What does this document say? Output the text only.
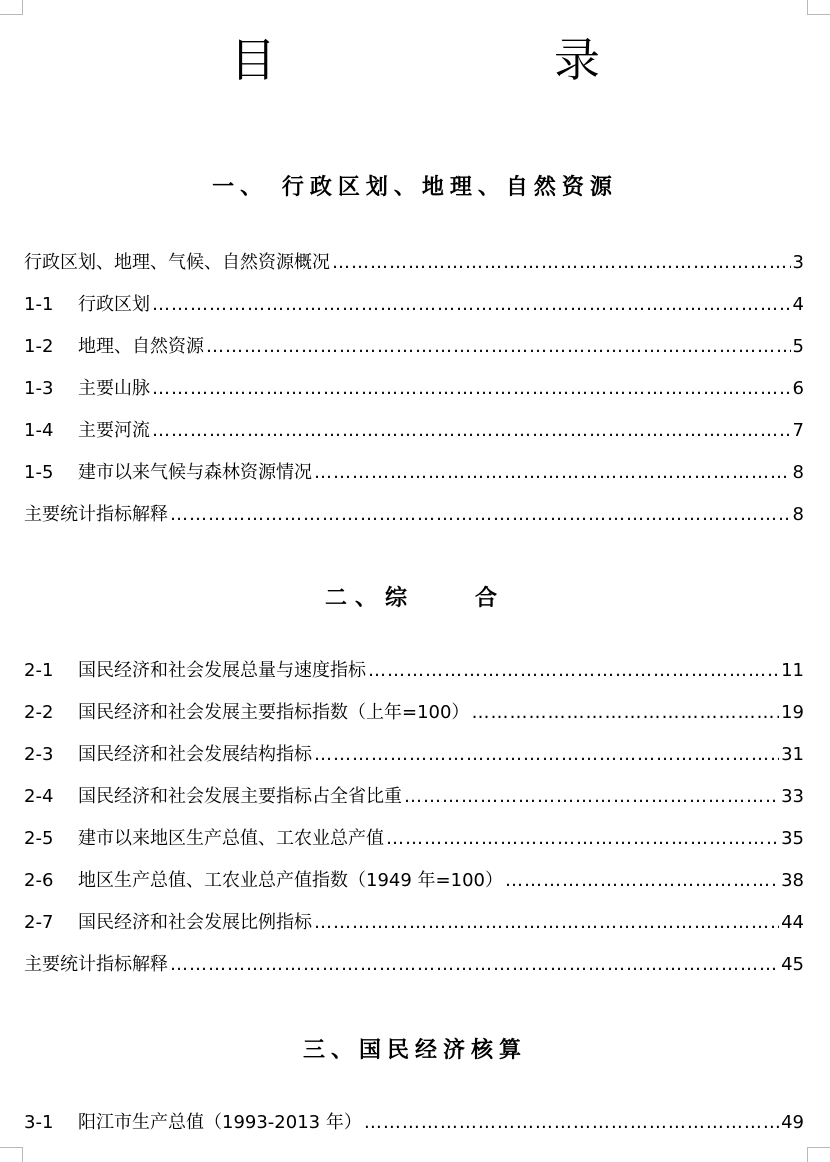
目　　录
一、 行政区划、地理、自然资源
行政区划、地理、气候、自然资源概况 ……………………………………………………………………………………………………………………………………………………………………………………………………	3
1-1	行政区划 ……………………………………………………………………………………………………………………………………………………………………………………………………	4
1-2	地理、自然资源 ……………………………………………………………………………………………………………………………………………………………………………………………………	5
1-3	主要山脉 ……………………………………………………………………………………………………………………………………………………………………………………………………	6
1-4	主要河流 ……………………………………………………………………………………………………………………………………………………………………………………………………	7
1-5	建市以来气候与森林资源情况 ……………………………………………………………………………………………………………………………………………………………………………………………………	8
主要统计指标解释 ……………………………………………………………………………………………………………………………………………………………………………………………………	8
二、综　　合
2-1	国民经济和社会发展总量与速度指标 ……………………………………………………………………………………………………………………………………………………………………………………………………	11
2-2	国民经济和社会发展主要指标指数（上年=100） ……………………………………………………………………………………………………………………………………………………………………………………………………	19
2-3	国民经济和社会发展结构指标 ……………………………………………………………………………………………………………………………………………………………………………………………………	31
2-4	国民经济和社会发展主要指标占全省比重 ……………………………………………………………………………………………………………………………………………………………………………………………………	33
2-5	建市以来地区生产总值、工农业总产值 ……………………………………………………………………………………………………………………………………………………………………………………………………	35
2-6	地区生产总值、工农业总产值指数（1949 年=100） ……………………………………………………………………………………………………………………………………………………………………………………………………	38
2-7	国民经济和社会发展比例指标 ……………………………………………………………………………………………………………………………………………………………………………………………………	44
主要统计指标解释 ……………………………………………………………………………………………………………………………………………………………………………………………………	45
三、国民经济核算
3-1	阳江市生产总值（1993-2013 年） ……………………………………………………………………………………………………………………………………………………………………………………………………	49
